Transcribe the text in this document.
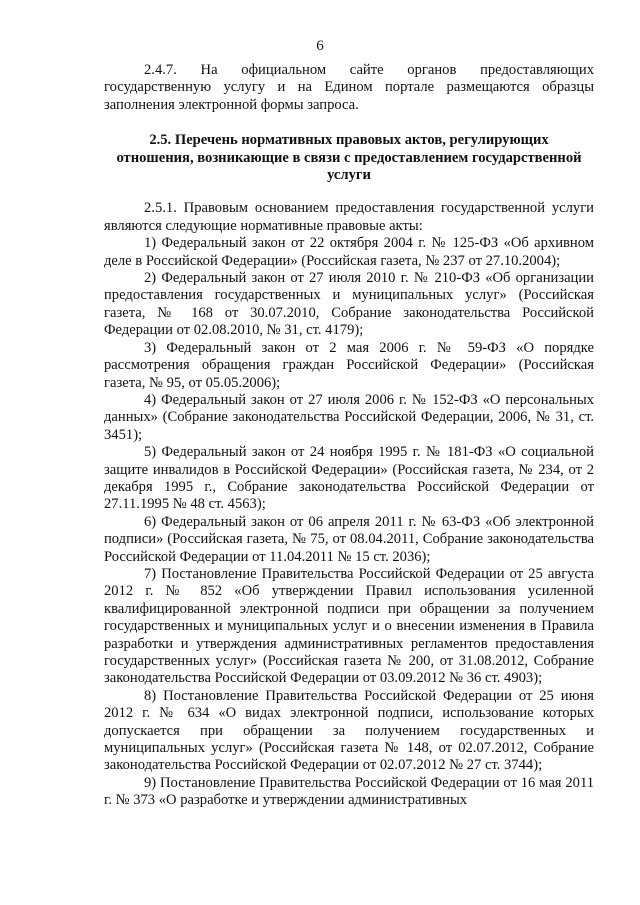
6

2.4.7. На официальном сайте органов предоставляющих государственную услугу и на Едином портале размещаются образцы заполнения электронной формы запроса.

2.5. Перечень нормативных правовых актов, регулирующих отношения, возникающие в связи с предоставлением государственной услуги

2.5.1. Правовым основанием предоставления государственной услуги являются следующие нормативные правовые акты:

1) Федеральный закон от 22 октября 2004 г. № 125-ФЗ «Об архивном деле в Российской Федерации» (Российская газета, № 237 от 27.10.2004);

2) Федеральный закон от 27 июля 2010 г. № 210-ФЗ «Об организации предоставления государственных и муниципальных услуг» (Российская газета, № 168 от 30.07.2010, Собрание законодательства Российской Федерации от 02.08.2010, № 31, ст. 4179);

3) Федеральный закон от 2 мая 2006 г. № 59-ФЗ «О порядке рассмотрения обращения граждан Российской Федерации» (Российская газета, № 95, от 05.05.2006);

4) Федеральный закон от 27 июля 2006 г. № 152-ФЗ «О персональных данных» (Собрание законодательства Российской Федерации, 2006, № 31, ст. 3451);

5) Федеральный закон от 24 ноября 1995 г. № 181-ФЗ «О социальной защите инвалидов в Российской Федерации» (Российская газета, № 234, от 2 декабря 1995 г., Собрание законодательства Российской Федерации от 27.11.1995 № 48 ст. 4563);

6) Федеральный закон от 06 апреля 2011 г. № 63-ФЗ «Об электронной подписи» (Российская газета, № 75, от 08.04.2011, Собрание законодательства Российской Федерации от 11.04.2011 № 15 ст. 2036);

7) Постановление Правительства Российской Федерации от 25 августа 2012 г. № 852 «Об утверждении Правил использования усиленной квалифицированной электронной подписи при обращении за получением государственных и муниципальных услуг и о внесении изменения в Правила разработки и утверждения административных регламентов предоставления государственных услуг» (Российская газета № 200, от 31.08.2012, Собрание законодательства Российской Федерации от 03.09.2012 № 36 ст. 4903);

8) Постановление Правительства Российской Федерации от 25 июня 2012 г. № 634 «О видах электронной подписи, использование которых допускается при обращении за получением государственных и муниципальных услуг» (Российская газета № 148, от 02.07.2012, Собрание законодательства Российской Федерации от 02.07.2012 № 27 ст. 3744);

9) Постановление Правительства Российской Федерации от 16 мая 2011 г. № 373 «О разработке и утверждении административных
